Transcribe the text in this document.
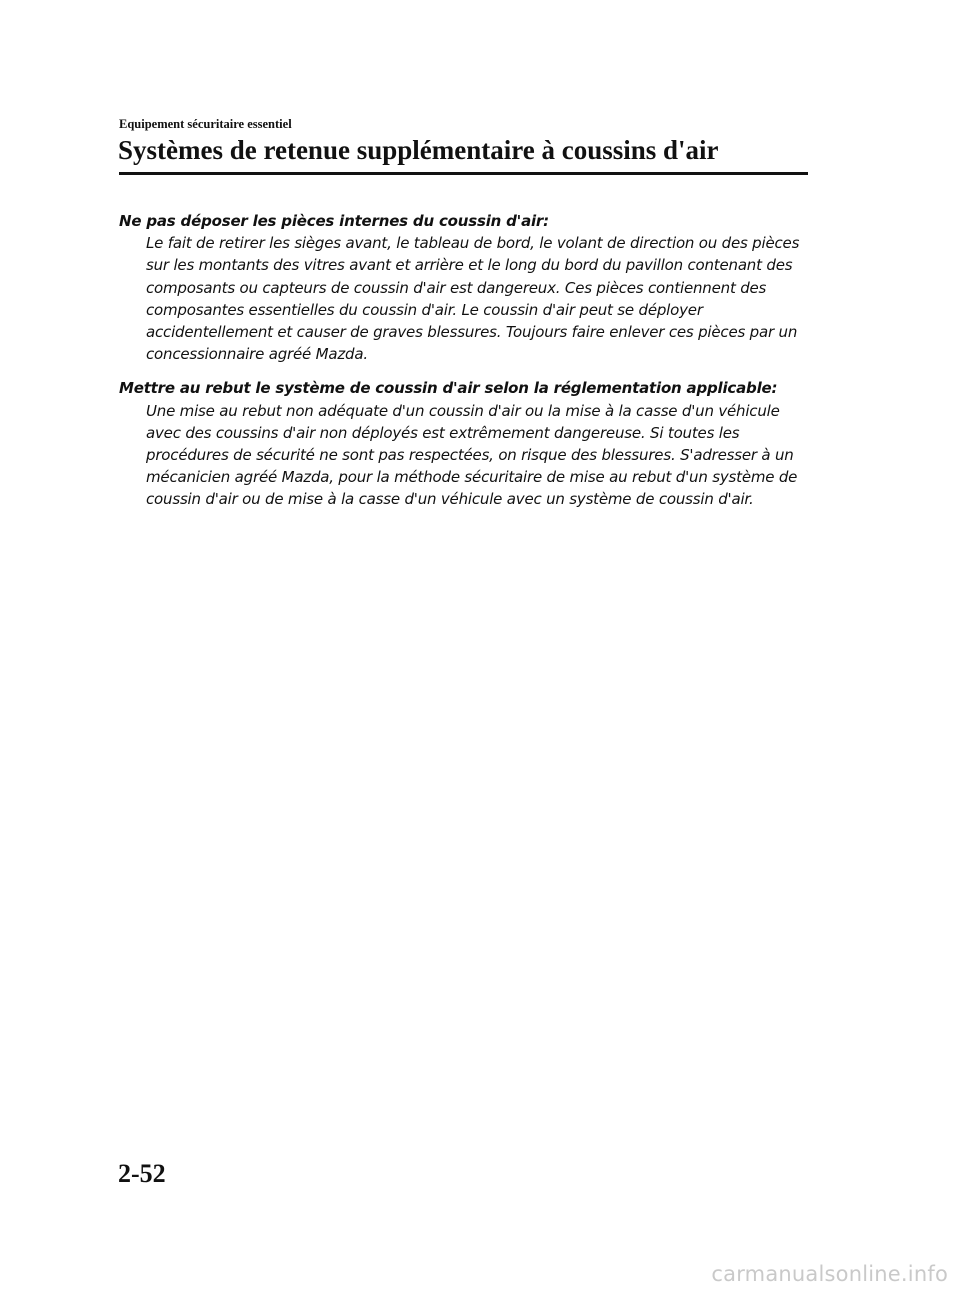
Equipement sécuritaire essentiel
Systèmes de retenue supplémentaire à coussins d'air

Ne pas déposer les pièces internes du coussin d'air:

Le fait de retirer les sièges avant, le tableau de bord, le volant de direction ou des pièces sur les montants des vitres avant et arrière et le long du bord du pavillon contenant des composants ou capteurs de coussin d'air est dangereux. Ces pièces contiennent des composantes essentielles du coussin d'air. Le coussin d'air peut se déployer accidentellement et causer de graves blessures. Toujours faire enlever ces pièces par un concessionnaire agréé Mazda.

Mettre au rebut le système de coussin d'air selon la réglementation applicable:

Une mise au rebut non adéquate d'un coussin d'air ou la mise à la casse d'un véhicule avec des coussins d'air non déployés est extrêmement dangereuse. Si toutes les procédures de sécurité ne sont pas respectées, on risque des blessures. S'adresser à un mécanicien agréé Mazda, pour la méthode sécuritaire de mise au rebut d'un système de coussin d'air ou de mise à la casse d'un véhicule avec un système de coussin d'air.

2-52
carmanualsonline.info
